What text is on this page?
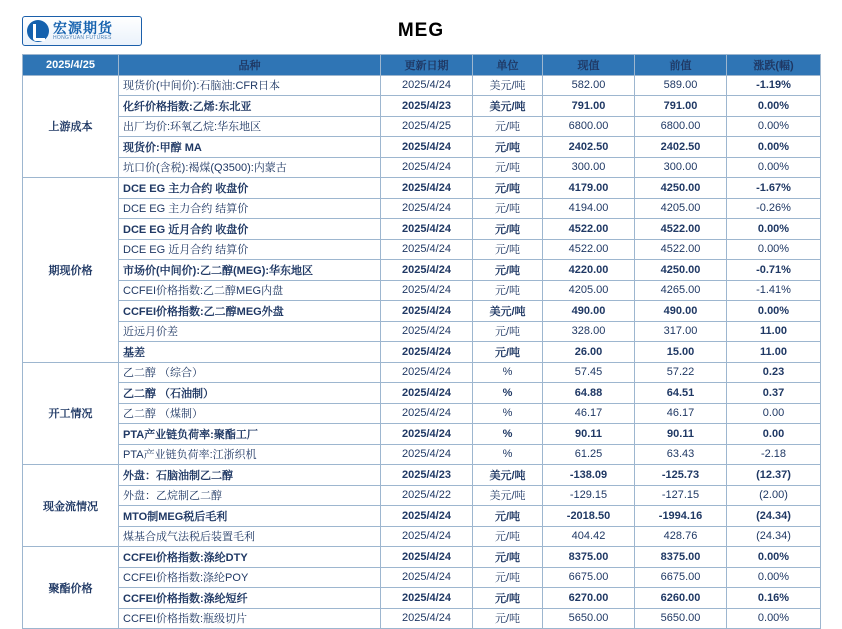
宏源期货
HONGYUAN FUTURES	MEG
2025/4/25	品种	更新日期	单位	现值	前值	涨跌(幅)
上游成本	现货价(中间价):石脑油:CFR日本	2025/4/24	美元/吨	582.00	589.00	-1.19%
	化纤价格指数:乙烯:东北亚	2025/4/23	美元/吨	791.00	791.00	0.00%
	出厂均价:环氧乙烷:华东地区	2025/4/25	元/吨	6800.00	6800.00	0.00%
	现货价:甲醇 MA	2025/4/24	元/吨	2402.50	2402.50	0.00%
	坑口价(含税):褐煤(Q3500):内蒙古	2025/4/24	元/吨	300.00	300.00	0.00%
期现价格	DCE EG 主力合约 收盘价	2025/4/24	元/吨	4179.00	4250.00	-1.67%
	DCE EG 主力合约 结算价	2025/4/24	元/吨	4194.00	4205.00	-0.26%
	DCE EG 近月合约 收盘价	2025/4/24	元/吨	4522.00	4522.00	0.00%
	DCE EG 近月合约 结算价	2025/4/24	元/吨	4522.00	4522.00	0.00%
	市场价(中间价):乙二醇(MEG):华东地区	2025/4/24	元/吨	4220.00	4250.00	-0.71%
	CCFEI价格指数:乙二醇MEG内盘	2025/4/24	元/吨	4205.00	4265.00	-1.41%
	CCFEI价格指数:乙二醇MEG外盘	2025/4/24	美元/吨	490.00	490.00	0.00%
	近远月价差	2025/4/24	元/吨	328.00	317.00	11.00
	基差	2025/4/24	元/吨	26.00	15.00	11.00
开工情况	乙二醇 （综合）	2025/4/24	%	57.45	57.22	0.23
	乙二醇 （石油制）	2025/4/24	%	64.88	64.51	0.37
	乙二醇 （煤制）	2025/4/24	%	46.17	46.17	0.00
	PTA产业链负荷率:聚酯工厂	2025/4/24	%	90.11	90.11	0.00
	PTA产业链负荷率:江浙织机	2025/4/24	%	61.25	63.43	-2.18
现金流情况	外盘：石脑油制乙二醇	2025/4/23	美元/吨	-138.09	-125.73	(12.37)
	外盘：乙烷制乙二醇	2025/4/22	美元/吨	-129.15	-127.15	(2.00)
	MTO制MEG税后毛利	2025/4/24	元/吨	-2018.50	-1994.16	(24.34)
	煤基合成气法税后装置毛利	2025/4/24	元/吨	404.42	428.76	(24.34)
聚酯价格	CCFEI价格指数:涤纶DTY	2025/4/24	元/吨	8375.00	8375.00	0.00%
	CCFEI价格指数:涤纶POY	2025/4/24	元/吨	6675.00	6675.00	0.00%
	CCFEI价格指数:涤纶短纤	2025/4/24	元/吨	6270.00	6260.00	0.16%
	CCFEI价格指数:瓶级切片	2025/4/24	元/吨	5650.00	5650.00	0.00%
